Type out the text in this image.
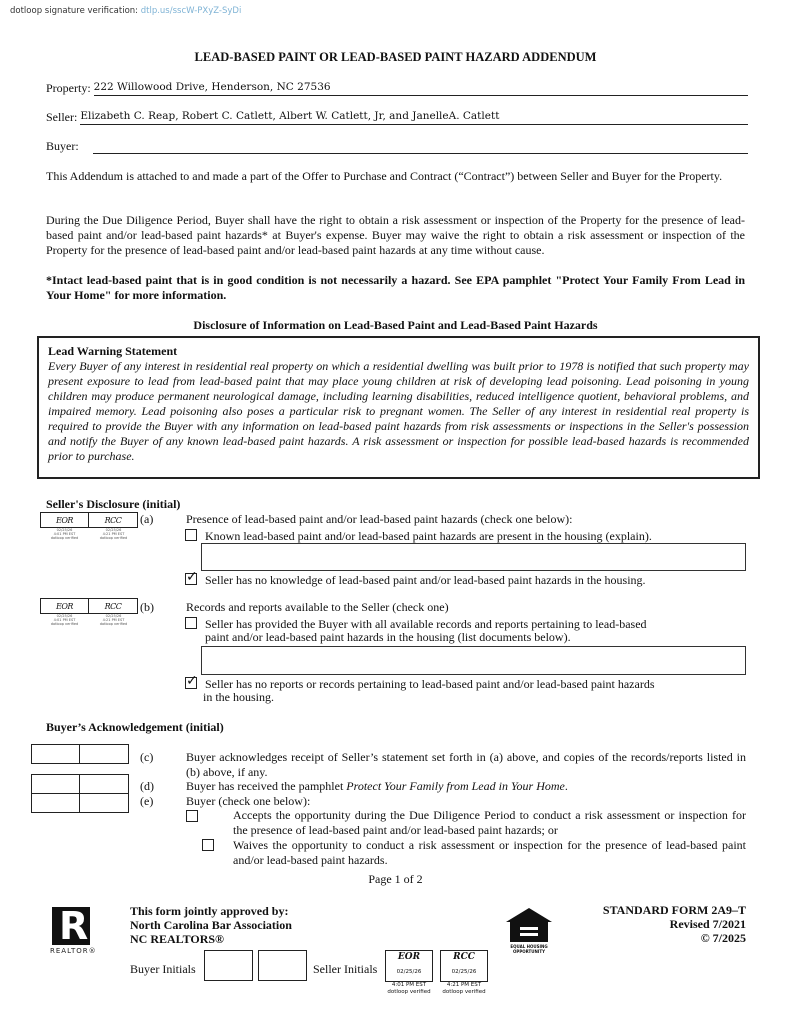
dotloop signature verification: dtlp.us/sscW-PXyZ-SyDi
LEAD-BASED PAINT OR LEAD-BASED PAINT HAZARD ADDENDUM
Property: 222 Willowood Drive, Henderson, NC 27536
Seller: Elizabeth C. Reap, Robert C. Catlett, Albert W. Catlett, Jr, and JanelleA. Catlett
Buyer:
This Addendum is attached to and made a part of the Offer to Purchase and Contract (“Contract”) between Seller and Buyer for the Property.
During the Due Diligence Period, Buyer shall have the right to obtain a risk assessment or inspection of the Property for the presence of lead-based paint and/or lead-based paint hazards* at Buyer's expense. Buyer may waive the right to obtain a risk assessment or inspection of the Property for the presence of lead-based paint and/or lead-based paint hazards at any time without cause.
*Intact lead-based paint that is in good condition is not necessarily a hazard. See EPA pamphlet "Protect Your Family From Lead in Your Home" for more information.
Disclosure of Information on Lead-Based Paint and Lead-Based Paint Hazards
Lead Warning Statement
Every Buyer of any interest in residential real property on which a residential dwelling was built prior to 1978 is notified that such property may present exposure to lead from lead-based paint that may place young children at risk of developing lead poisoning. Lead poisoning in young children may produce permanent neurological damage, including learning disabilities, reduced intelligence quotient, behavioral problems, and impaired memory. Lead poisoning also poses a particular risk to pregnant women. The Seller of any interest in residential real property is required to provide the Buyer with any information on lead-based paint hazards from risk assessments or inspections in the Seller's possession and notify the Buyer of any known lead-based paint hazards. A risk assessment or inspection for possible lead-based hazards is recommended prior to purchase.
Seller's Disclosure (initial)
EOR	RCC
02/25/26
4:01 PM EST
dotloop verified
02/25/26
4:21 PM EST
dotloop verified
(a)	Presence of lead-based paint and/or lead-based paint hazards (check one below):
Known lead-based paint and/or lead-based paint hazards are present in the housing (explain).
✓ Seller has no knowledge of lead-based paint and/or lead-based paint hazards in the housing.
EOR	RCC
02/25/26
4:01 PM EST
dotloop verified
02/25/26
4:21 PM EST
dotloop verified
(b)	Records and reports available to the Seller (check one)
Seller has provided the Buyer with all available records and reports pertaining to lead-based
paint and/or lead-based paint hazards in the housing (list documents below).
✓ Seller has no reports or records pertaining to lead-based paint and/or lead-based paint hazards
in the housing.
Buyer’s Acknowledgement (initial)
(c)	Buyer acknowledges receipt of Seller’s statement set forth in (a) above, and copies of the records/reports listed in (b) above, if any.
(d)	Buyer has received the pamphlet Protect Your Family from Lead in Your Home.
(e)	Buyer (check one below):

Accepts the opportunity during the Due Diligence Period to conduct a risk assessment or inspection for the presence of lead-based paint and/or lead-based paint hazards; or
Waives the opportunity to conduct a risk assessment or inspection for the presence of lead-based paint and/or lead-based paint hazards.
Page 1 of 2
R
REALTOR®
This form jointly approved by:
North Carolina Bar Association
NC REALTORS®
Buyer Initials	Seller Initials
EOR
02/25/26
4:01 PM EST
dotloop verified
RCC
02/25/26
4:21 PM EST
dotloop verified
EQUAL HOUSING
OPPORTUNITY
STANDARD FORM 2A9–T
Revised 7/2021
© 7/2025
